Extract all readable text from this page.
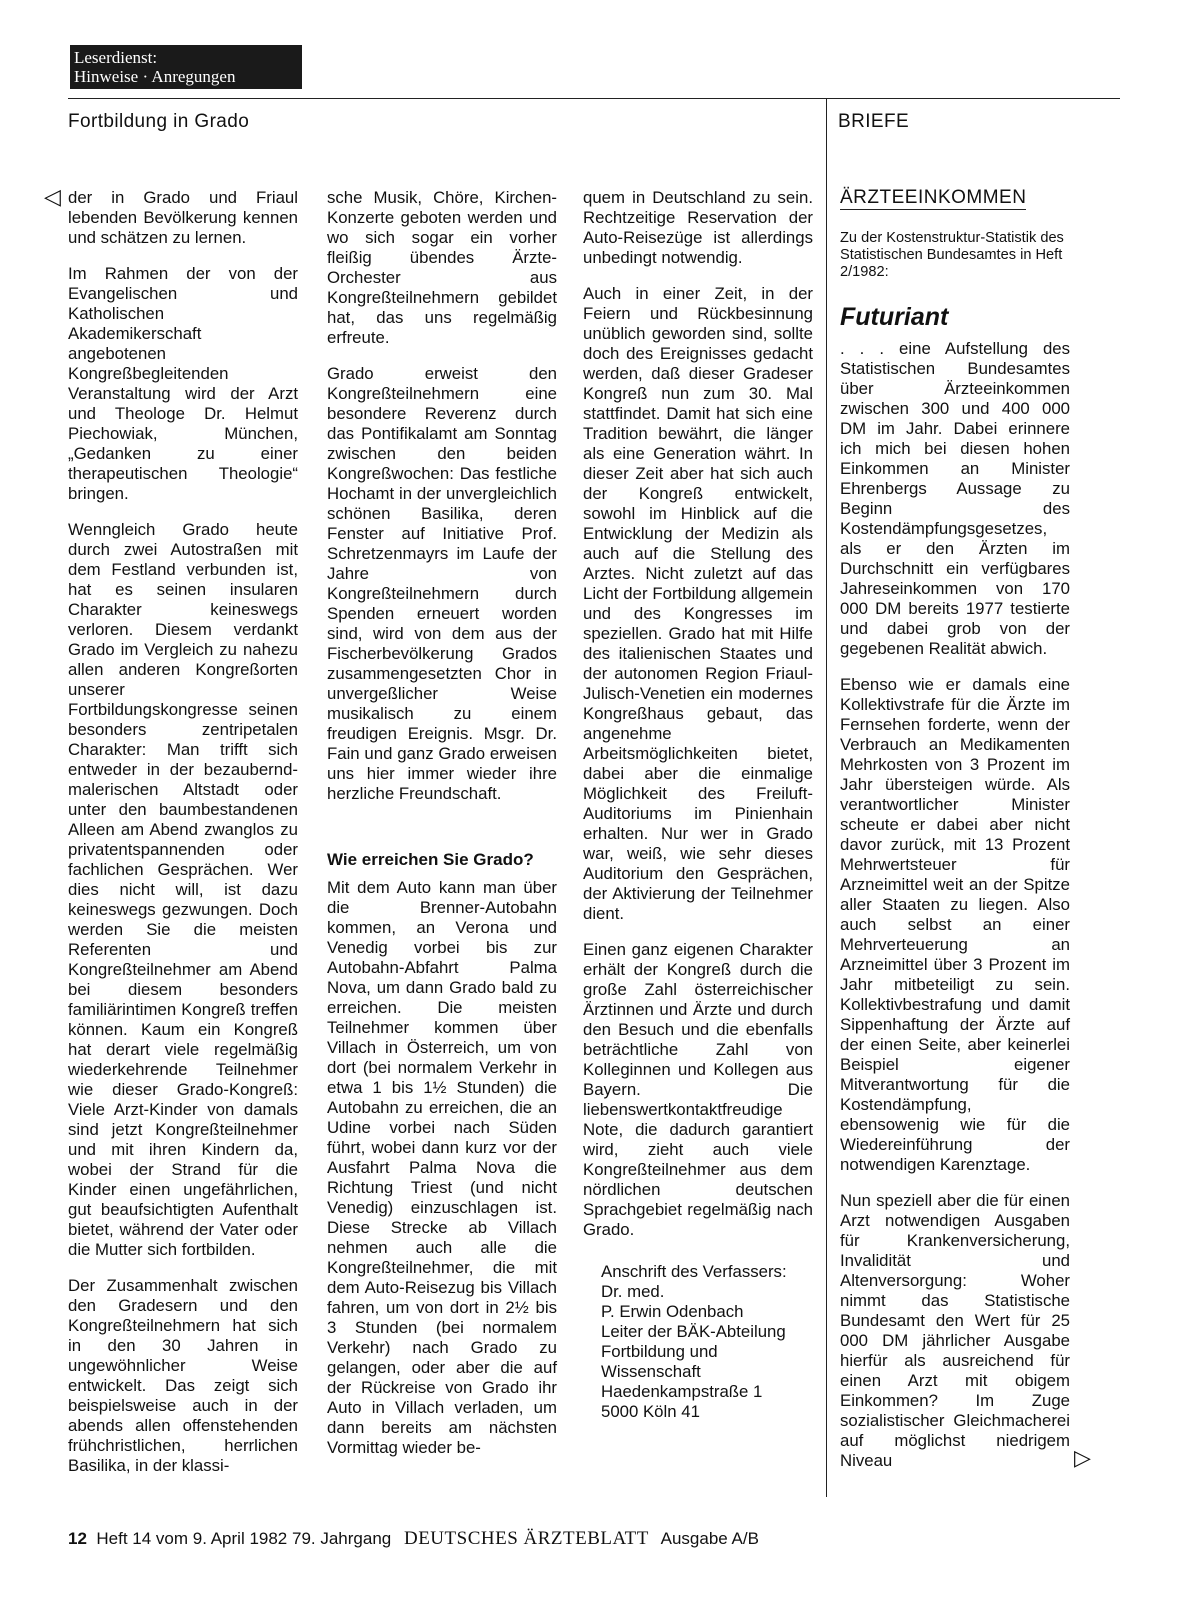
Leserdienst:
Hinweise · Anregungen
Fortbildung in Grado	BRIEFE
◁ der in Grado und Friaul lebenden Bevölkerung kennen und schätzen zu lernen.

Im Rahmen der von der Evangelischen und Katholischen Akademikerschaft angebotenen Kongreßbegleitenden Veranstaltung wird der Arzt und Theologe Dr. Helmut Piechowiak, München, „Gedanken zu einer therapeutischen Theologie“ bringen.

Wenngleich Grado heute durch zwei Autostraßen mit dem Festland verbunden ist, hat es seinen insularen Charakter keineswegs verloren. Diesem verdankt Grado im Vergleich zu nahezu allen anderen Kongreßorten unserer Fortbildungskongresse seinen besonders zentripetalen Charakter: Man trifft sich entweder in der bezaubernd-malerischen Altstadt oder unter den baumbestandenen Alleen am Abend zwanglos zu privatentspannenden oder fachlichen Gesprächen. Wer dies nicht will, ist dazu keineswegs gezwungen. Doch werden Sie die meisten Referenten und Kongreßteilnehmer am Abend bei diesem besonders familiärintimen Kongreß treffen können. Kaum ein Kongreß hat derart viele regelmäßig wiederkehrende Teilnehmer wie dieser Grado-Kongreß: Viele Arzt-Kinder von damals sind jetzt Kongreßteilnehmer und mit ihren Kindern da, wobei der Strand für die Kinder einen ungefährlichen, gut beaufsichtigten Aufenthalt bietet, während der Vater oder die Mutter sich fortbilden.

Der Zusammenhalt zwischen den Gradesern und den Kongreßteilnehmern hat sich in den 30 Jahren in ungewöhnlicher Weise entwickelt. Das zeigt sich beispielsweise auch in der abends allen offenstehenden frühchristlichen, herrlichen Basilika, in der klassi-

sche Musik, Chöre, Kirchen-Konzerte geboten werden und wo sich sogar ein vorher fleißig übendes Ärzte-Orchester aus Kongreßteilnehmern gebildet hat, das uns regelmäßig erfreute.

Grado erweist den Kongreßteilnehmern eine besondere Reverenz durch das Pontifikalamt am Sonntag zwischen den beiden Kongreßwochen: Das festliche Hochamt in der unvergleichlich schönen Basilika, deren Fenster auf Initiative Prof. Schretzenmayrs im Laufe der Jahre von Kongreßteilnehmern durch Spenden erneuert worden sind, wird von dem aus der Fischerbevölkerung Grados zusammengesetzten Chor in unvergeßlicher Weise musikalisch zu einem freudigen Ereignis. Msgr. Dr. Fain und ganz Grado erweisen uns hier immer wieder ihre herzliche Freundschaft.

Wie erreichen Sie Grado?

Mit dem Auto kann man über die Brenner-Autobahn kommen, an Verona und Venedig vorbei bis zur Autobahn-Abfahrt Palma Nova, um dann Grado bald zu erreichen. Die meisten Teilnehmer kommen über Villach in Österreich, um von dort (bei normalem Verkehr in etwa 1 bis 1½ Stunden) die Autobahn zu erreichen, die an Udine vorbei nach Süden führt, wobei dann kurz vor der Ausfahrt Palma Nova die Richtung Triest (und nicht Venedig) einzuschlagen ist. Diese Strecke ab Villach nehmen auch alle die Kongreßteilnehmer, die mit dem Auto-Reisezug bis Villach fahren, um von dort in 2½ bis 3 Stunden (bei normalem Verkehr) nach Grado zu gelangen, oder aber die auf der Rückreise von Grado ihr Auto in Villach verladen, um dann bereits am nächsten Vormittag wieder be-

quem in Deutschland zu sein. Rechtzeitige Reservation der Auto-Reisezüge ist allerdings unbedingt notwendig.

Auch in einer Zeit, in der Feiern und Rückbesinnung unüblich geworden sind, sollte doch des Ereignisses gedacht werden, daß dieser Gradeser Kongreß nun zum 30. Mal stattfindet. Damit hat sich eine Tradition bewährt, die länger als eine Generation währt. In dieser Zeit aber hat sich auch der Kongreß entwickelt, sowohl im Hinblick auf die Entwicklung der Medizin als auch auf die Stellung des Arztes. Nicht zuletzt auf das Licht der Fortbildung allgemein und des Kongresses im speziellen. Grado hat mit Hilfe des italienischen Staates und der autonomen Region Friaul-Julisch-Venetien ein modernes Kongreßhaus gebaut, das angenehme Arbeitsmöglichkeiten bietet, dabei aber die einmalige Möglichkeit des Freiluft-Auditoriums im Pinienhain erhalten. Nur wer in Grado war, weiß, wie sehr dieses Auditorium den Gesprächen, der Aktivierung der Teilnehmer dient.

Einen ganz eigenen Charakter erhält der Kongreß durch die große Zahl österreichischer Ärztinnen und Ärzte und durch den Besuch und die ebenfalls beträchtliche Zahl von Kolleginnen und Kollegen aus Bayern. Die liebenswertkontaktfreudige Note, die dadurch garantiert wird, zieht auch viele Kongreßteilnehmer aus dem nördlichen deutschen Sprachgebiet regelmäßig nach Grado.

Anschrift des Verfassers:
Dr. med.
P. Erwin Odenbach
Leiter der BÄK-Abteilung
Fortbildung und
Wissenschaft
Haedenkampstraße 1
5000 Köln 41
ÄRZTEEINKOMMEN
Zu der Kostenstruktur-Statistik des Statistischen Bundesamtes in Heft 2/1982:
Futuriant

. . . eine Aufstellung des Statistischen Bundesamtes über Ärzteeinkommen zwischen 300 und 400 000 DM im Jahr. Dabei erinnere ich mich bei diesen hohen Einkommen an Minister Ehrenbergs Aussage zu Beginn des Kostendämpfungsgesetzes, als er den Ärzten im Durchschnitt ein verfügbares Jahreseinkommen von 170 000 DM bereits 1977 testierte und dabei grob von der gegebenen Realität abwich.

Ebenso wie er damals eine Kollektivstrafe für die Ärzte im Fernsehen forderte, wenn der Verbrauch an Medikamenten Mehrkosten von 3 Prozent im Jahr übersteigen würde. Als verantwortlicher Minister scheute er dabei aber nicht davor zurück, mit 13 Prozent Mehrwertsteuer für Arzneimittel weit an der Spitze aller Staaten zu liegen. Also auch selbst an einer Mehrverteuerung an Arzneimittel über 3 Prozent im Jahr mitbeteiligt zu sein. Kollektivbestrafung und damit Sippenhaftung der Ärzte auf der einen Seite, aber keinerlei Beispiel eigener Mitverantwortung für die Kostendämpfung, ebensowenig wie für die Wiedereinführung der notwendigen Karenztage.

Nun speziell aber die für einen Arzt notwendigen Ausgaben für Krankenversicherung, Invalidität und Altenversorgung: Woher nimmt das Statistische Bundesamt den Wert für 25 000 DM jährlicher Ausgabe hierfür als ausreichend für einen Arzt mit obigem Einkommen? Im Zuge sozialistischer Gleichmacherei auf möglichst niedrigem Niveau	▷
12 Heft 14 vom 9. April 1982 79. Jahrgang DEUTSCHES ÄRZTEBLATT Ausgabe A/B
